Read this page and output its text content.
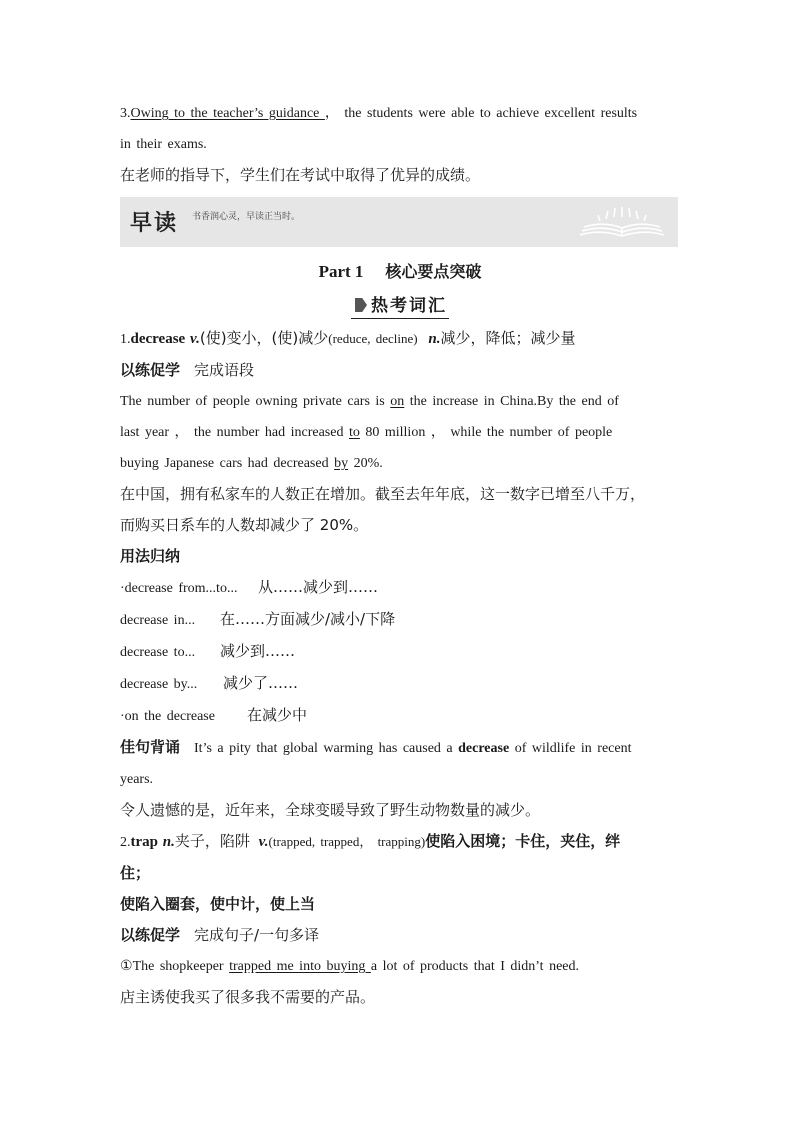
3.Owing to the teacher’s guidance ， the students were able to achieve excellent results
in their exams.
在老师的指导下，学生们在考试中取得了优异的成绩。
早读 书香润心灵，早读正当时。
Part 1 核心要点突破
热考词汇
1.decrease v.(使)变小，(使)减少(reduce, decline) n.减少，降低；减少量
以练促学 完成语段
The number of people owning private cars is on the increase in China.By the end of
last year ， the number had increased to 80 million ， while the number of people
buying Japanese cars had decreased by 20%.
在中国，拥有私家车的人数正在增加。截至去年年底，这一数字已增至八千万，
而购买日系车的人数却减少了 20%。
用法归纳
·decrease from...to... 从……减少到……
decrease in... 在……方面减少/减小/下降
decrease to... 减少到……
decrease by... 减少了……
·on the decrease 在减少中
佳句背诵 It’s a pity that global warming has caused a decrease of wildlife in recent
years.
令人遗憾的是，近年来，全球变暖导致了野生动物数量的减少。
2.trap n.夹子，陷阱 v.(trapped, trapped， trapping)使陷入困境；卡住，夹住，绊
住；
使陷入圈套，使中计，使上当
以练促学 完成句子/一句多译
①The shopkeeper trapped me into buying a lot of products that I didn’t need.
店主诱使我买了很多我不需要的产品。
